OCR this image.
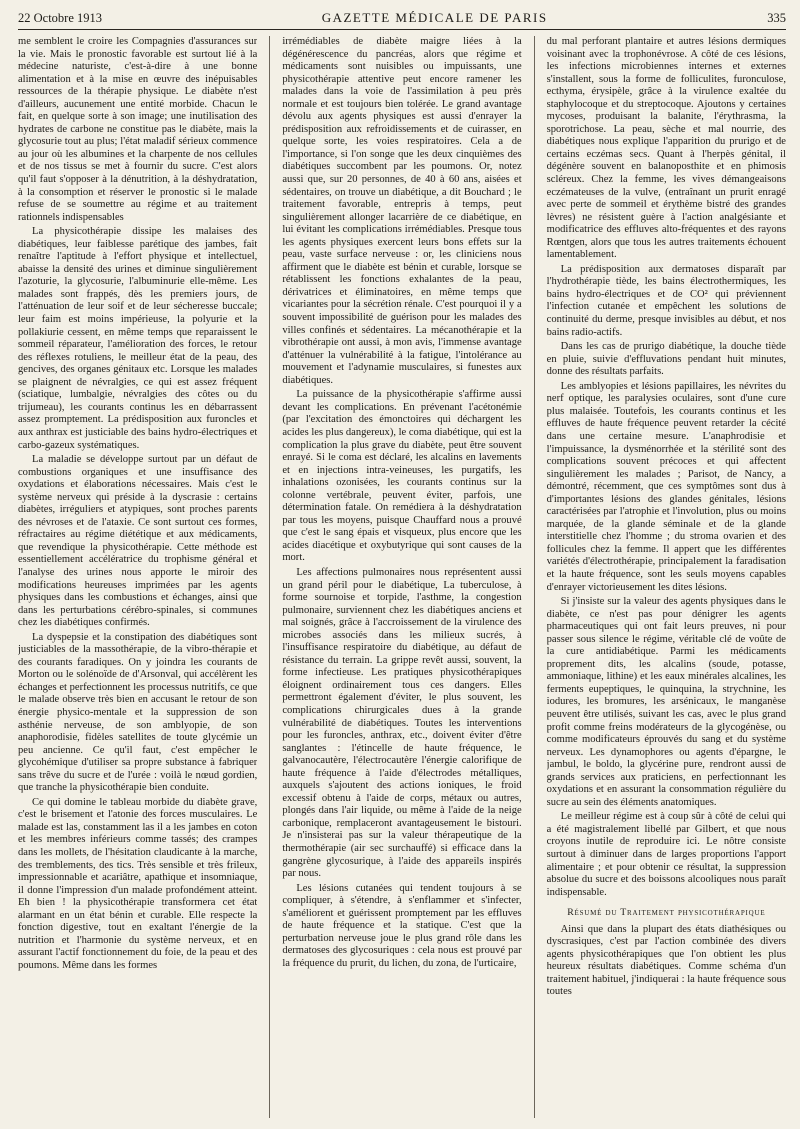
22 Octobre 1913	GAZETTE MÉDICALE DE PARIS	335

me semblent le croire les Compagnies d'assurances sur la vie. Mais le pronostic favorable est surtout lié à la médecine naturiste, c'est-à-dire à une bonne alimentation et à la mise en œuvre des inépuisables ressources de la thérapie physique. Le diabète n'est d'ailleurs, aucunement une entité morbide. Chacun le fait, en quelque sorte à son image; une inutilisation des hydrates de carbone ne constitue pas le diabète, mais la glycosurie tout au plus; l'état maladif sérieux commence au jour où les albumines et la charpente de nos cellules et de nos tissus se met à fournir du sucre. C'est alors qu'il faut s'opposer à la dénutrition, à la déshydratation, à la consomption et réserver le pronostic si le malade refuse de se soumettre au régime et au traitement rationnels indispensables

La physicothérapie dissipe les malaises des diabétiques, leur faiblesse parétique des jambes, fait renaître l'aptitude à l'effort physique et intellectuel, abaisse la densité des urines et diminue singulièrement l'azoturie, la glycosurie, l'albuminurie elle-même. Les malades sont frappés, dès les premiers jours, de l'atténuation de leur soif et de leur sécheresse buccale; leur faim est moins impérieuse, la polyurie et la pollakiurie cessent, en même temps que reparaissent le sommeil réparateur, l'amélioration des forces, le retour des réflexes rotuliens, le meilleur état de la peau, des gencives, des organes génitaux etc. Lorsque les malades se plaignent de névralgies, ce qui est assez fréquent (sciatique, lumbalgie, névralgies des côtes ou du trijumeau), les courants continus les en débarrassent assez promptement. La prédisposition aux furoncles et aux anthrax est justiciable des bains hydro-électriques et carbo-gazeux systématiques.

La maladie se développe surtout par un défaut de combustions organiques et une insuffisance des oxydations et élaborations nécessaires. Mais c'est le système nerveux qui préside à la dyscrasie : certains diabètes, irréguliers et atypiques, sont proches parents des névroses et de l'ataxie. Ce sont surtout ces formes, réfractaires au régime diététique et aux médicaments, que revendique la physicothérapie. Cette méthode est essentiellement accélératrice du trophisme général et l'analyse des urines nous apporte le miroir des modifications heureuses imprimées par les agents physiques dans les combustions et échanges, ainsi que dans les perturbations cérébro-spinales, si communes chez les diabétiques confirmés.

La dyspepsie et la constipation des diabétiques sont justiciables de la massothérapie, de la vibro-thérapie et des courants faradiques. On y joindra les courants de Morton ou le solénoïde de d'Arsonval, qui accélèrent les échanges et perfectionnent les processus nutritifs, ce que le malade observe très bien en accusant le retour de son énergie physico-mentale et la suppression de son asthénie nerveuse, de son amblyopie, de son anaphorodisie, fidèles satellites de toute glycémie un peu ancienne. Ce qu'il faut, c'est empêcher le glycohémique d'utiliser sa propre substance à fabriquer sans trêve du sucre et de l'urée : voilà le nœud gordien, que tranche la physicothérapie bien conduite.

Ce qui domine le tableau morbide du diabète grave, c'est le brisement et l'atonie des forces musculaires. Le malade est las, constamment las il a les jambes en coton et les membres inférieurs comme tassés; des crampes dans les mollets, de l'hésitation claudicante à la marche, des tremblements, des tics. Très sensible et très frileux, impressionnable et acariâtre, apathique et insomniaque, il donne l'impression d'un malade profondément atteint. Eh bien ! la physicothérapie transformera cet état alarmant en un état bénin et curable. Elle respecte la fonction digestive, tout en exaltant l'énergie de la nutrition et l'harmonie du système nerveux, et en assurant l'actif fonctionnement du foie, de la peau et des poumons. Même dans les formes

irrémédiables de diabète maigre liées à la dégénérescence du pancréas, alors que régime et médicaments sont nuisibles ou impuissants, une physicothérapie attentive peut encore ramener les malades dans la voie de l'assimilation à peu près normale et est toujours bien tolérée. Le grand avantage dévolu aux agents physiques est aussi d'enrayer la prédisposition aux refroidissements et de cuirasser, en quelque sorte, les voies respiratoires. Cela a de l'importance, si l'on songe que les deux cinquièmes des diabétiques succombent par les poumons. Or, notez aussi que, sur 20 personnes, de 40 à 60 ans, aisées et sédentaires, on trouve un diabétique, a dit Bouchard ; le traitement favorable, entrepris à temps, peut singulièrement allonger lacarrière de ce diabétique, en lui évitant les complications irrémédiables. Presque tous les agents physiques exercent leurs bons effets sur la peau, vaste surface nerveuse : or, les cliniciens nous affirment que le diabète est bénin et curable, lorsque se rétablissent les fonctions exhalantes de la peau, dérivatrices et éliminatoires, en même temps que vicariantes pour la sécrétion rénale. C'est pourquoi il y a souvent impossibilité de guérison pour les malades des villes confinés et sédentaires. La mécanothérapie et la vibrothérapie ont aussi, à mon avis, l'immense avantage d'atténuer la vulnérabilité à la fatigue, l'intolérance au mouvement et l'adynamie musculaires, si funestes aux diabétiques.

La puissance de la physicothérapie s'affirme aussi devant les complications. En prévenant l'acétonémie (par l'excitation des émonctoires qui déchargent les acides les plus dangereux), le coma diabétique, qui est la complication la plus grave du diabète, peut être souvent enrayé. Si le coma est déclaré, les alcalins en lavements et en injections intra-veineuses, les purgatifs, les inhalations ozonisées, les courants continus sur la colonne vertébrale, peuvent éviter, parfois, une détermination fatale. On remédiera à la déshydratation par tous les moyens, puisque Chauffard nous a prouvé que c'est le sang épais et visqueux, plus encore que les acides diacétique et oxybutyrique qui sont causes de la mort.

Les affections pulmonaires nous représentent aussi un grand péril pour le diabétique, La tuberculose, à forme sournoise et torpide, l'asthme, la congestion pulmonaire, surviennent chez les diabétiques anciens et mal soignés, grâce à l'accroissement de la virulence des microbes associés dans les milieux sucrés, à l'insuffisance respiratoire du diabétique, au défaut de résistance du terrain. La grippe revêt aussi, souvent, la forme infectieuse. Les pratiques physicothérapiques éloignent ordinairement tous ces dangers. Elles permettront également d'éviter, le plus souvent, les complications chirurgicales dues à la grande vulnérabilité de diabétiques. Toutes les interventions pour les furoncles, anthrax, etc., doivent éviter d'être sanglantes : l'étincelle de haute fréquence, le galvanocautère, l'électrocautère l'énergie calorifique de haute fréquence à l'aide d'électrodes métalliques, auxquels s'ajoutent des actions ioniques, le froid excessif obtenu à l'aide de corps, métaux ou autres, plongés dans l'air liquide, ou même à l'aide de la neige carbonique, remplaceront avantageusement le bistouri. Je n'insisterai pas sur la valeur thérapeutique de la thermothérapie (air sec surchauffé) si efficace dans la gangrène glycosurique, à l'aide des appareils inspirés par nous.

Les lésions cutanées qui tendent toujours à se compliquer, à s'étendre, à s'enflammer et s'infecter, s'améliorent et guérissent promptement par les effluves de haute fréquence et la statique. C'est que la perturbation nerveuse joue le plus grand rôle dans les dermatoses des glycosuriques : cela nous est prouvé par la fréquence du prurit, du lichen, du zona, de l'urticaire,

du mal perforant plantaire et autres lésions dermiques voisinant avec la trophonévrose. A côté de ces lésions, les infections microbiennes internes et externes s'installent, sous la forme de folliculites, furonculose, ecthyma, érysipèle, grâce à la virulence exaltée du staphylocoque et du streptocoque. Ajoutons y certaines mycoses, produisant la balanite, l'érythrasma, la sporotrichose. La peau, sèche et mal nourrie, des diabétiques nous explique l'apparition du prurigo et de certains eczémas secs. Quant à l'herpès génital, il dégénère souvent en balanoposthite et en phimosis scléreux. Chez la femme, les vives démangeaisons eczémateuses de la vulve, (entraînant un prurit enragé avec perte de sommeil et érythème bistré des grandes lèvres) ne résistent guère à l'action analgésiante et modificatrice des effluves alto-fréquentes et des rayons Rœntgen, alors que tous les autres traitements échouent lamentablement.

La prédisposition aux dermatoses disparaît par l'hydrothérapie tiède, les bains électrothermiques, les bains hydro-électriques et de CO² qui préviennent l'infection cutanée et empêchent les solutions de continuité du derme, presque invisibles au début, et nos bains radio-actifs.

Dans les cas de prurigo diabétique, la douche tiède en pluie, suivie d'effluvations pendant huit minutes, donne des résultats parfaits.

Les amblyopies et lésions papillaires, les névrites du nerf optique, les paralysies oculaires, sont d'une cure plus malaisée. Toutefois, les courants continus et les effluves de haute fréquence peuvent retarder la cécité dans une certaine mesure. L'anaphrodisie et l'impuissance, la dysménorrhée et la stérilité sont des complications souvent précoces et qui affectent singulièrement les malades ; Parisot, de Nancy, a démontré, récemment, que ces symptômes sont dus à d'importantes lésions des glandes génitales, lésions caractérisées par l'atrophie et l'involution, plus ou moins marquée, de la glande séminale et de la glande interstitielle chez l'homme ; du stroma ovarien et des follicules chez la femme. Il appert que les différentes variétés d'électrothérapie, principalement la faradisation et la haute fréquence, sont les seuls moyens capables d'enrayer victorieusement les dites lésions.

Si j'insiste sur la valeur des agents physiques dans le diabète, ce n'est pas pour dénigrer les agents pharmaceutiques qui ont fait leurs preuves, ni pour passer sous silence le régime, véritable clé de voûte de la cure antidiabétique. Parmi les médicaments proprement dits, les alcalins (soude, potasse, ammoniaque, lithine) et les eaux minérales alcalines, les ferments eupeptiques, le quinquina, la strychnine, les iodures, les bromures, les arsénicaux, le manganèse peuvent être utilisés, suivant les cas, avec le plus grand profit comme freins modérateurs de la glycogénèse, ou comme modificateurs éprouvés du sang et du système nerveux. Les dynamophores ou agents d'épargne, le jambul, le boldo, la glycérine pure, rendront aussi de grands services aux praticiens, en perfectionnant les oxydations et en assurant la consommation régulière du sucre au sein des éléments anatomiques.

Le meilleur régime est à coup sûr à côté de celui qui a été magistralement libellé par Gilbert, et que nous croyons inutile de reproduire ici. Le nôtre consiste surtout à diminuer dans de larges proportions l'apport alimentaire ; et pour obtenir ce résultat, la suppression absolue du sucre et des boissons alcooliques nous paraît indispensable.

Résumé du Traitement physicothérapique

Ainsi que dans la plupart des états diathésiques ou dyscrasiques, c'est par l'action combinée des divers agents physicothérapiques que l'on obtient les plus heureux résultats diabétiques. Comme schéma d'un traitement habituel, j'indiquerai : la haute fréquence sous toutes
